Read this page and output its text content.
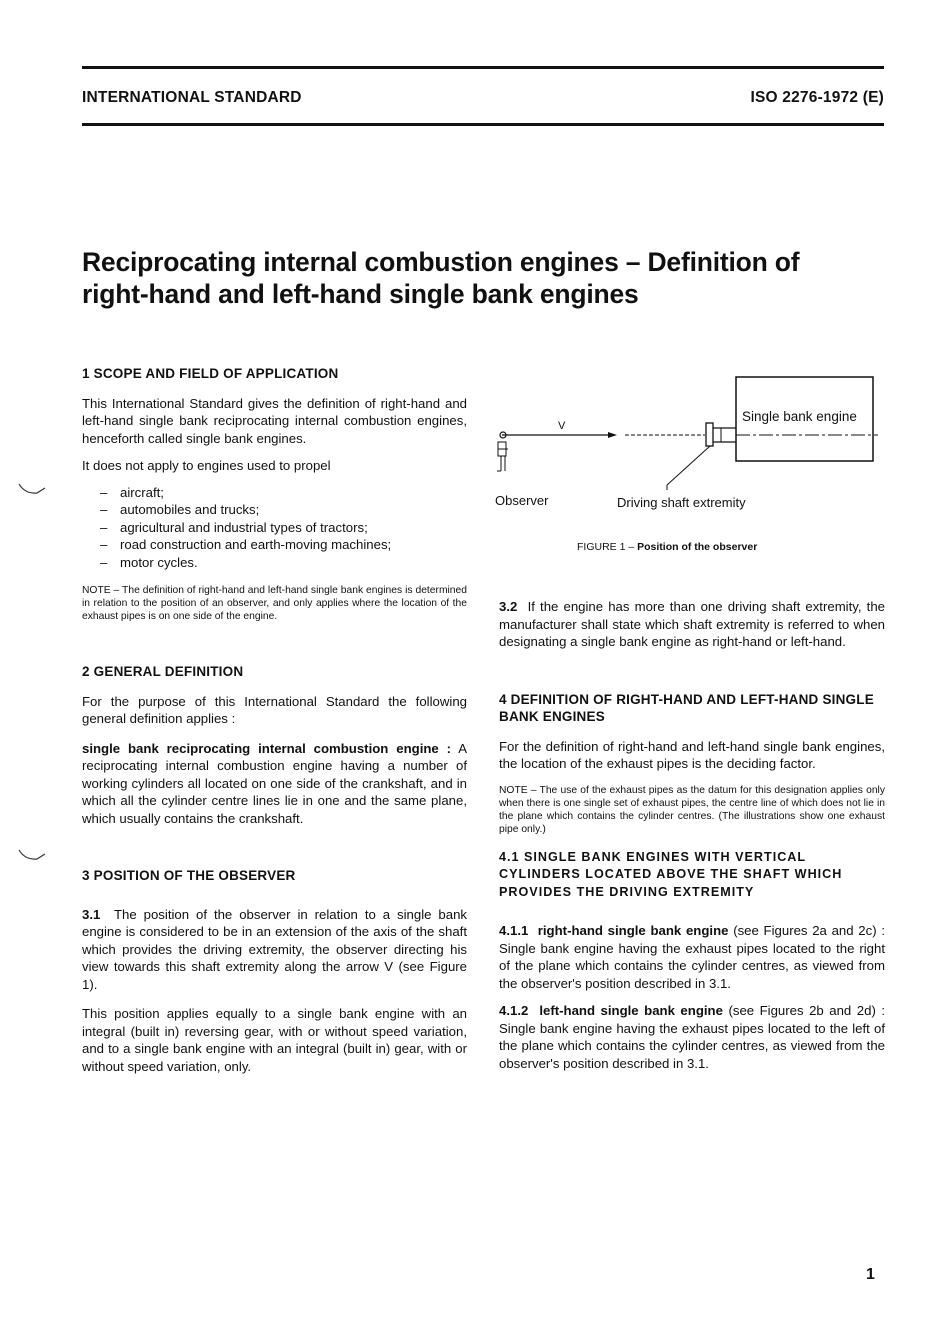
INTERNATIONAL STANDARD	ISO 2276-1972 (E)
Reciprocating internal combustion engines – Definition of
right-hand and left-hand single bank engines
1 SCOPE AND FIELD OF APPLICATION

This International Standard gives the definition of right-hand and left-hand single bank reciprocating internal combustion engines, henceforth called single bank engines.

It does not apply to engines used to propel

– aircraft;
– automobiles and trucks;
– agricultural and industrial types of tractors;
– road construction and earth-moving machines;
– motor cycles.

NOTE – The definition of right-hand and left-hand single bank engines is determined in relation to the position of an observer, and only applies where the location of the exhaust pipes is on one side of the engine.

2 GENERAL DEFINITION

For the purpose of this International Standard the following general definition applies :

single bank reciprocating internal combustion engine : A reciprocating internal combustion engine having a number of working cylinders all located on one side of the crankshaft, and in which all the cylinder centre lines lie in one and the same plane, which usually contains the crankshaft.

3 POSITION OF THE OBSERVER

3.1 The position of the observer in relation to a single bank engine is considered to be in an extension of the axis of the shaft which provides the driving extremity, the observer directing his view towards this shaft extremity along the arrow V (see Figure 1).

This position applies equally to a single bank engine with an integral (built in) reversing gear, with or without speed variation, and to a single bank engine with an integral (built in) gear, with or without speed variation, only.

Single bank engine
V
Observer	Driving shaft extremity
FIGURE 1 – Position of the observer

3.2 If the engine has more than one driving shaft extremity, the manufacturer shall state which shaft extremity is referred to when designating a single bank engine as right-hand or left-hand.

4 DEFINITION OF RIGHT-HAND AND LEFT-HAND SINGLE BANK ENGINES

For the definition of right-hand and left-hand single bank engines, the location of the exhaust pipes is the deciding factor.

NOTE – The use of the exhaust pipes as the datum for this designation applies only when there is one single set of exhaust pipes, the centre line of which does not lie in the plane which contains the cylinder centres. (The illustrations show one exhaust pipe only.)

4.1 SINGLE BANK ENGINES WITH VERTICAL CYLINDERS LOCATED ABOVE THE SHAFT WHICH PROVIDES THE DRIVING EXTREMITY

4.1.1 right-hand single bank engine (see Figures 2a and 2c) : Single bank engine having the exhaust pipes located to the right of the plane which contains the cylinder centres, as viewed from the observer's position described in 3.1.

4.1.2 left-hand single bank engine (see Figures 2b and 2d) : Single bank engine having the exhaust pipes located to the left of the plane which contains the cylinder centres, as viewed from the observer's position described in 3.1.

1
